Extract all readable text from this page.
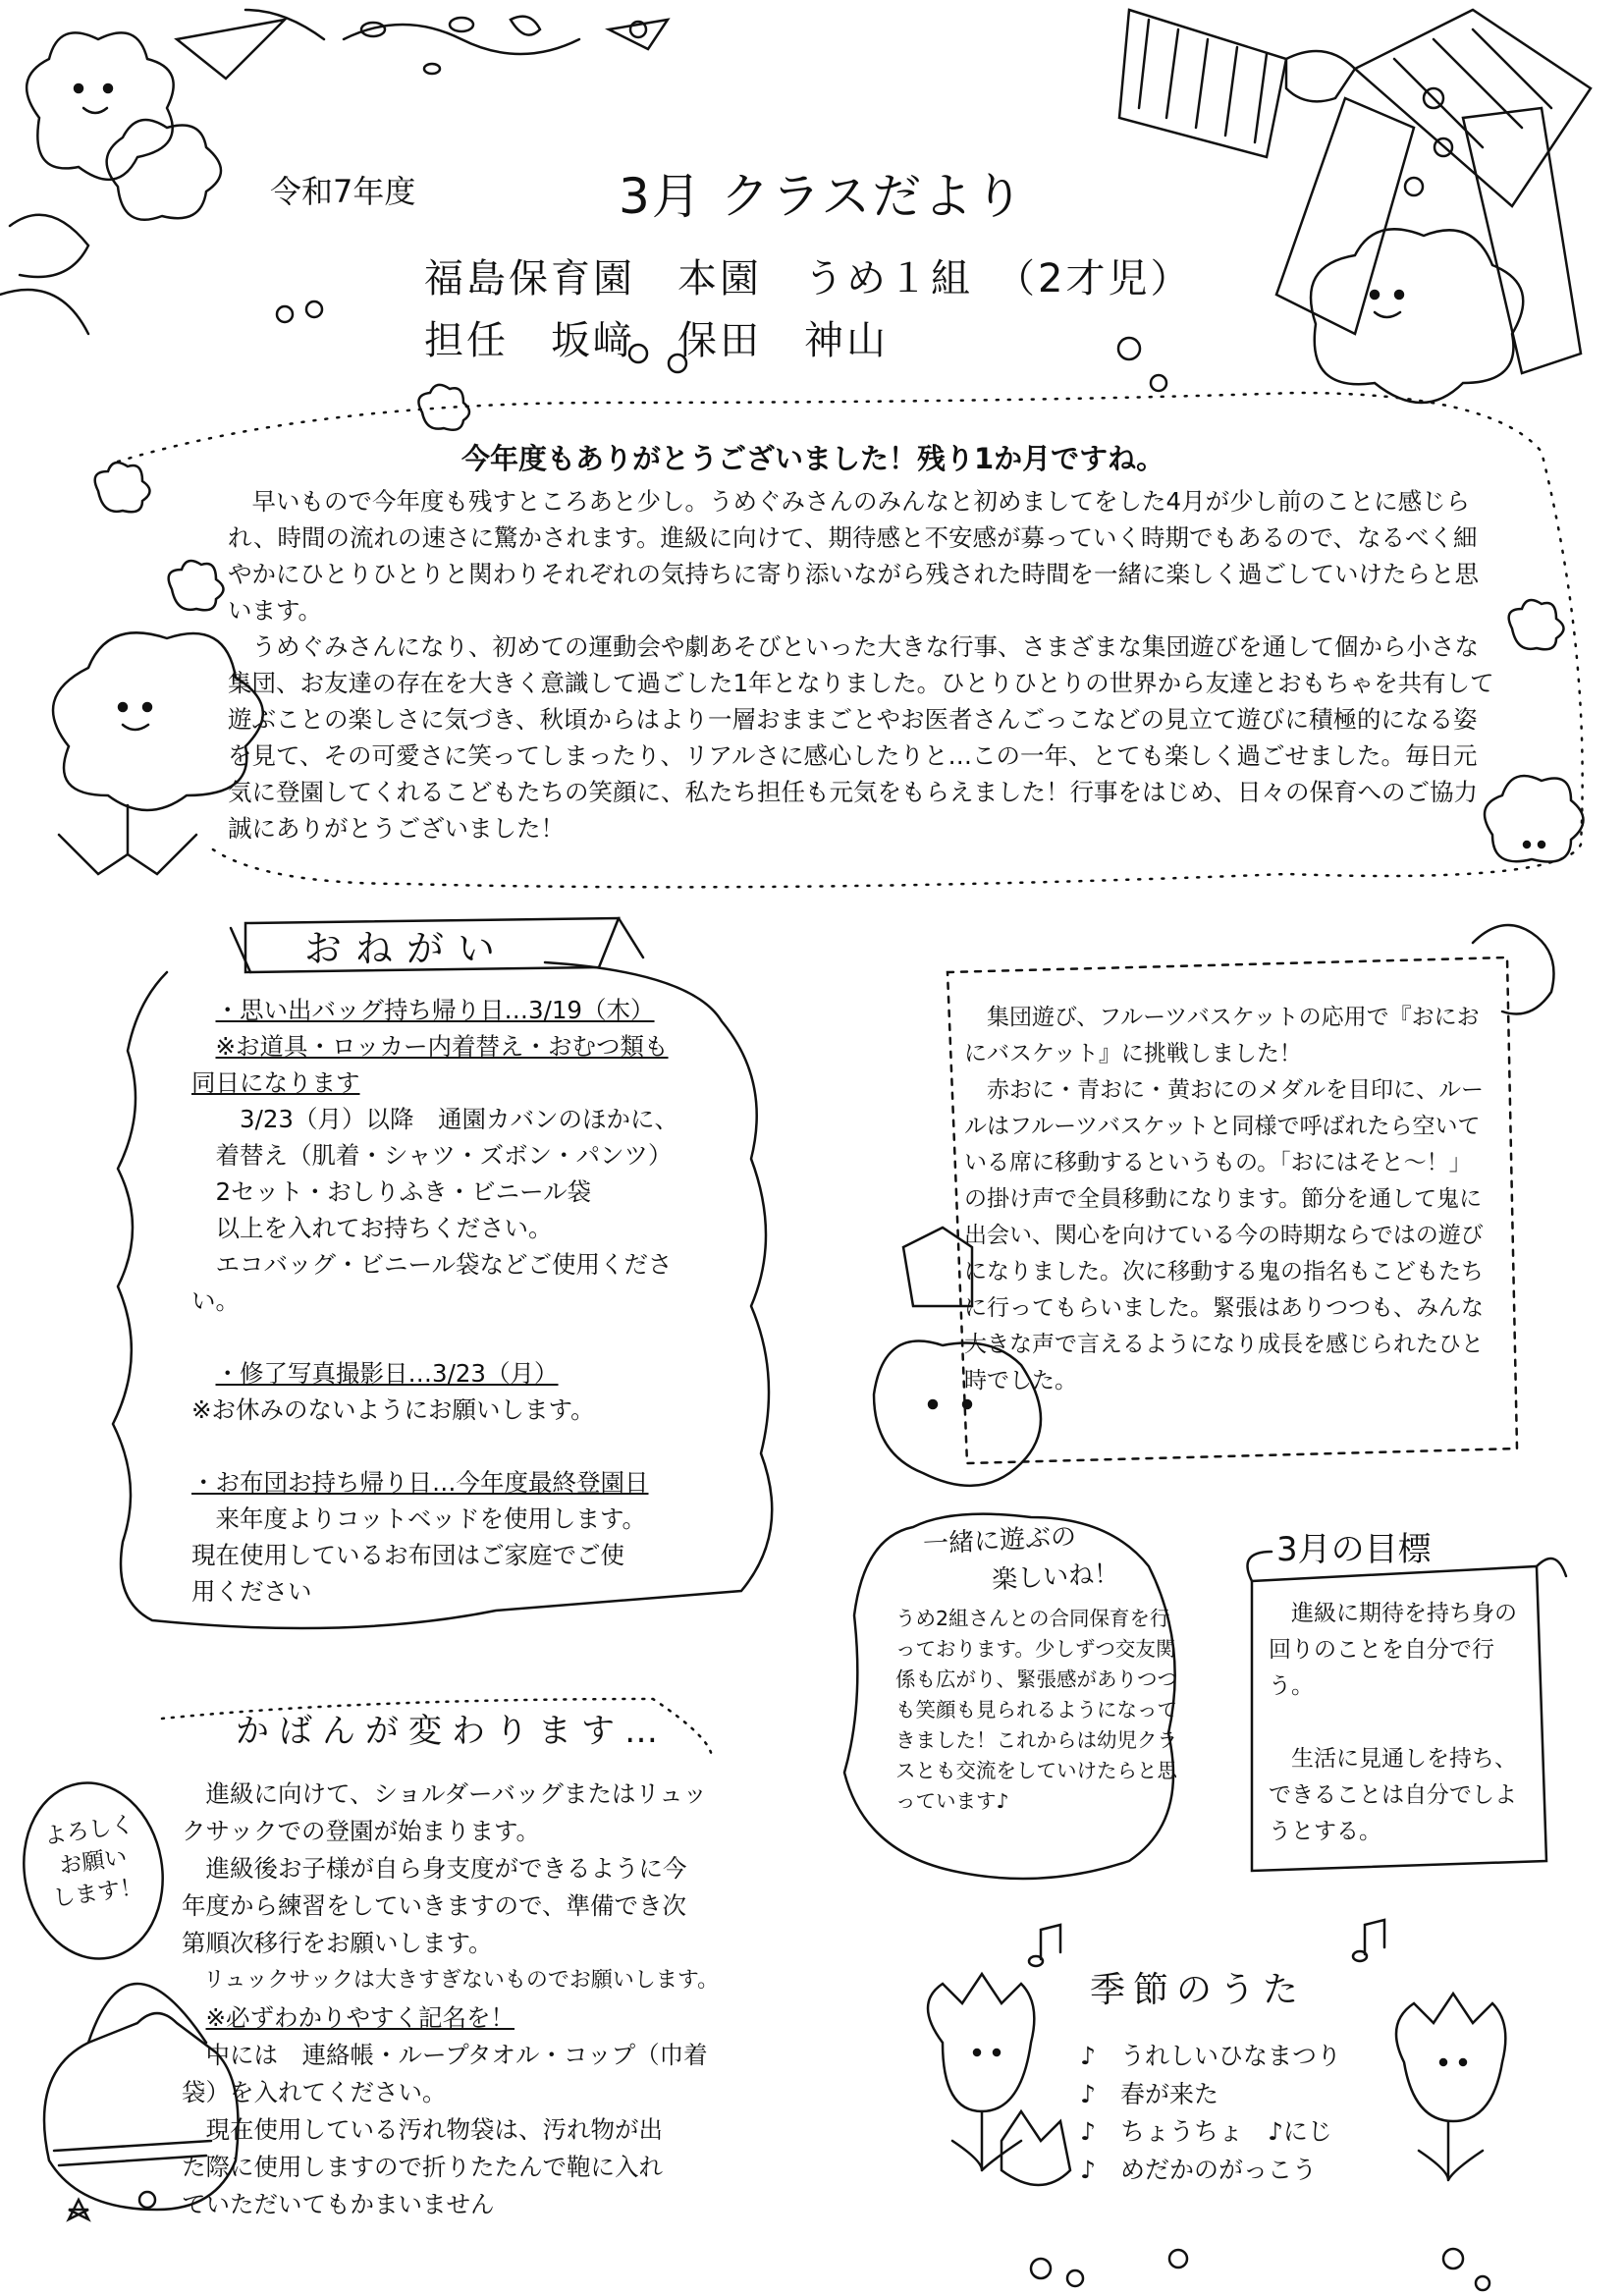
令和7年度	3月 クラスだより
福島保育園　本園　うめ１組　（2才児）
担任　坂﨑　保田　神山
今年度もありがとうございました！残り1か月ですね。

早いもので今年度も残すところあと少し。うめぐみさんのみんなと初めましてをした4月が少し前のことに感じられ、時間の流れの速さに驚かされます。進級に向けて、期待感と不安感が募っていく時期でもあるので、なるべく細やかにひとりひとりと関わりそれぞれの気持ちに寄り添いながら残された時間を一緒に楽しく過ごしていけたらと思います。

うめぐみさんになり、初めての運動会や劇あそびといった大きな行事、さまざまな集団遊びを通して個から小さな集団、お友達の存在を大きく意識して過ごした1年となりました。ひとりひとりの世界から友達とおもちゃを共有して遊ぶことの楽しさに気づき、秋頃からはより一層おままごとやお医者さんごっこなどの見立て遊びに積極的になる姿を見て、その可愛さに笑ってしまったり、リアルさに感心したりと…この一年、とても楽しく過ごせました。毎日元気に登園してくれるこどもたちの笑顔に、私たち担任も元気をもらえました！行事をはじめ、日々の保育へのご協力誠にありがとうございました！

おねがい
・思い出バッグ持ち帰り日…3/19（木）
※お道具・ロッカー内着替え・おむつ類も
同日になります
3/23（月）以降　通園カバンのほかに、
着替え（肌着・シャツ・ズボン・パンツ）
2セット・おしりふき・ビニール袋
以上を入れてお持ちください。
エコバッグ・ビニール袋などご使用くださ
い。
・修了写真撮影日…3/23（月）
※お休みのないようにお願いします。
・お布団お持ち帰り日…今年度最終登園日
来年度よりコットベッドを使用します。
現在使用しているお布団はご家庭でご使
用ください

集団遊び、フルーツバスケットの応用で『おにおにバスケット』に挑戦しました！

赤おに・青おに・黄おにのメダルを目印に、ルールはフルーツバスケットと同様で呼ばれたら空いている席に移動するというもの。「おにはそと～！」の掛け声で全員移動になります。節分を通して鬼に出会い、関心を向けている今の時期ならではの遊びになりました。次に移動する鬼の指名もこどもたちに行ってもらいました。緊張はありつつも、みんな大きな声で言えるようになり成長を感じられたひと時でした。

一緒に遊ぶの
楽しいね！
うめ2組さんとの合同保育を行っております。少しずつ交友関係も広がり、緊張感がありつつも笑顔も見られるようになってきました！これからは幼児クラスとも交流をしていけたらと思っています♪
3月の目標

進級に期待を持ち身の回りのことを自分で行う。

生活に見通しを持ち、できることは自分でしようとする。

かばんが変わります…
進級に向けて、ショルダーバッグまたはリュッ
クサックでの登園が始まります。
進級後お子様が自ら身支度ができるように今
年度から練習をしていきますので、準備でき次
第順次移行をお願いします。
リュックサックは大きすぎないものでお願いします。
※必ずわかりやすく記名を！
中には　連絡帳・ループタオル・コップ（巾着
袋）を入れてください。
現在使用している汚れ物袋は、汚れ物が出
た際に使用しますので折りたたんで鞄に入れ
ていただいてもかまいません
よろしく
お願い
します！
季節のうた
♪　うれしいひなまつり
♪　春が来た
♪　ちょうちょ　♪にじ
♪　めだかのがっこう
